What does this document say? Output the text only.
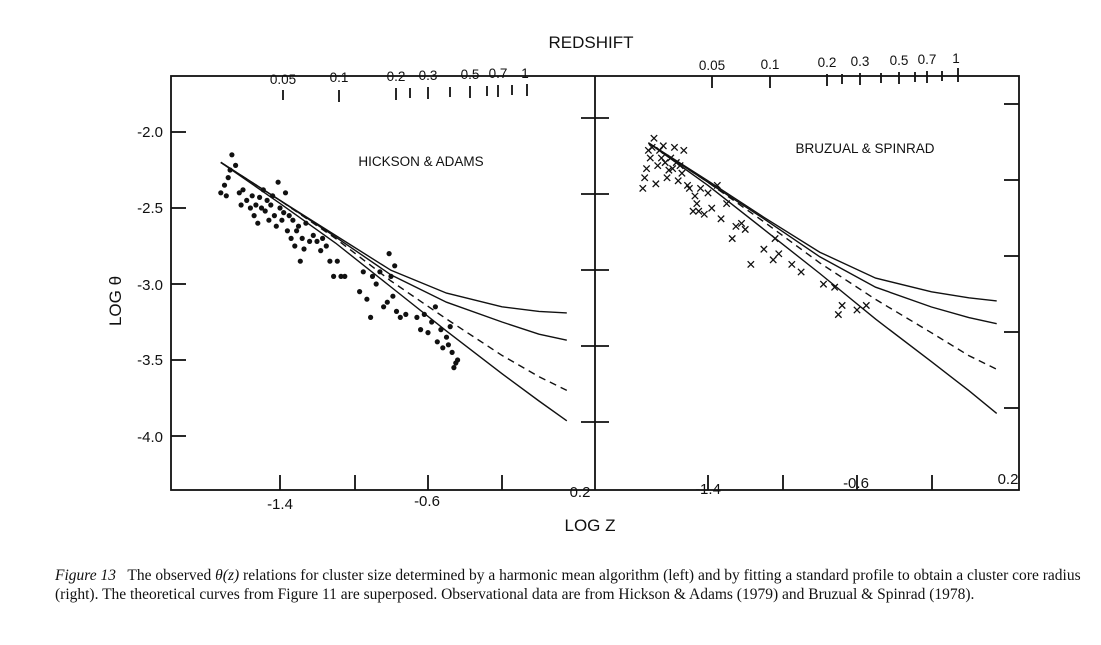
REDSHIFT
LOG Z
LOG θ
HICKSON & ADAMS
BRUZUAL & SPINRAD
-2.0
-2.5
-3.0
-3.5
-4.0
-1.4	-0.6
0.2	-1.4	-0.6	0.2
0.05 0.1	0.2 0.3 0.5 0.7 1
0.05	0.1	0.2 0.3 0.5 0.7 1
Figure 13 The observed θ(z) relations for cluster size determined by a harmonic mean algorithm (left) and by fitting a standard profile to obtain a cluster core radius (right). The theoretical curves from Figure 11 are superposed. Observational data are from Hickson & Adams (1979) and Bruzual & Spinrad (1978).
